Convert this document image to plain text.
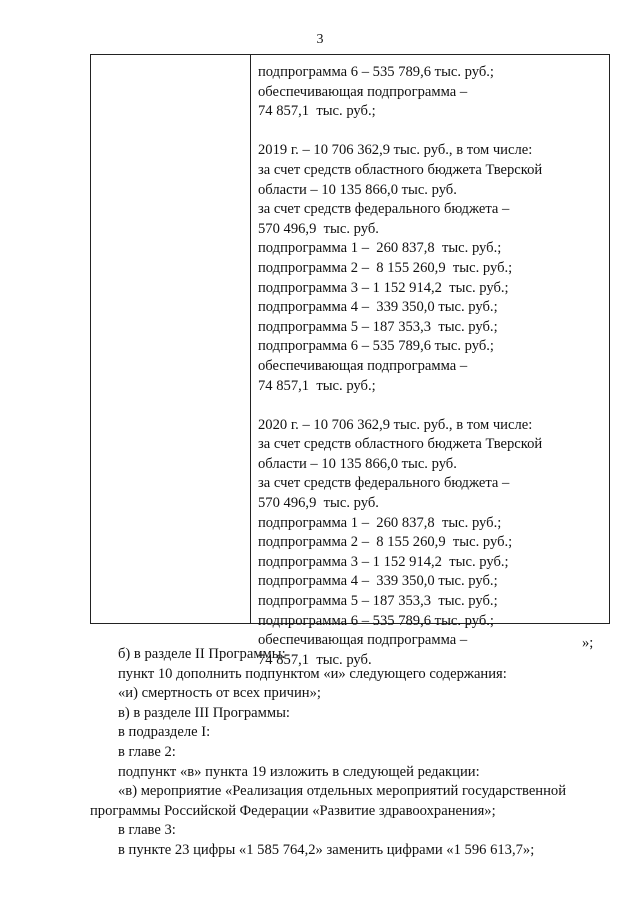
3
подпрограмма 6 – 535 789,6 тыс. руб.;
обеспечивающая подпрограмма –
74 857,1  тыс. руб.;
2019 г. – 10 706 362,9 тыс. руб., в том числе:
за счет средств областного бюджета Тверской
области – 10 135 866,0 тыс. руб.
за счет средств федерального бюджета –
570 496,9  тыс. руб.
подпрограмма 1 –  260 837,8  тыс. руб.;
подпрограмма 2 –  8 155 260,9  тыс. руб.;
подпрограмма 3 – 1 152 914,2  тыс. руб.;
подпрограмма 4 –  339 350,0 тыс. руб.;
подпрограмма 5 – 187 353,3  тыс. руб.;
подпрограмма 6 – 535 789,6 тыс. руб.;
обеспечивающая подпрограмма –
74 857,1  тыс. руб.;
2020 г. – 10 706 362,9 тыс. руб., в том числе:
за счет средств областного бюджета Тверской
области – 10 135 866,0 тыс. руб.
за счет средств федерального бюджета –
570 496,9  тыс. руб.
подпрограмма 1 –  260 837,8  тыс. руб.;
подпрограмма 2 –  8 155 260,9  тыс. руб.;
подпрограмма 3 – 1 152 914,2  тыс. руб.;
подпрограмма 4 –  339 350,0 тыс. руб.;
подпрограмма 5 – 187 353,3  тыс. руб.;
подпрограмма 6 – 535 789,6 тыс. руб.;
обеспечивающая подпрограмма –
74 857,1  тыс. руб.
»;

б) в разделе II Программы:

пункт 10 дополнить подпунктом «и» следующего содержания:

«и) смертность от всех причин»;

в) в разделе III Программы:

в подразделе I:

в главе 2:

подпункт «в» пункта 19 изложить в следующей редакции:

«в) мероприятие «Реализация отдельных мероприятий государственной программы Российской Федерации «Развитие здравоохранения»;

в главе 3:

в пункте 23 цифры «1 585 764,2» заменить цифрами «1 596 613,7»;
